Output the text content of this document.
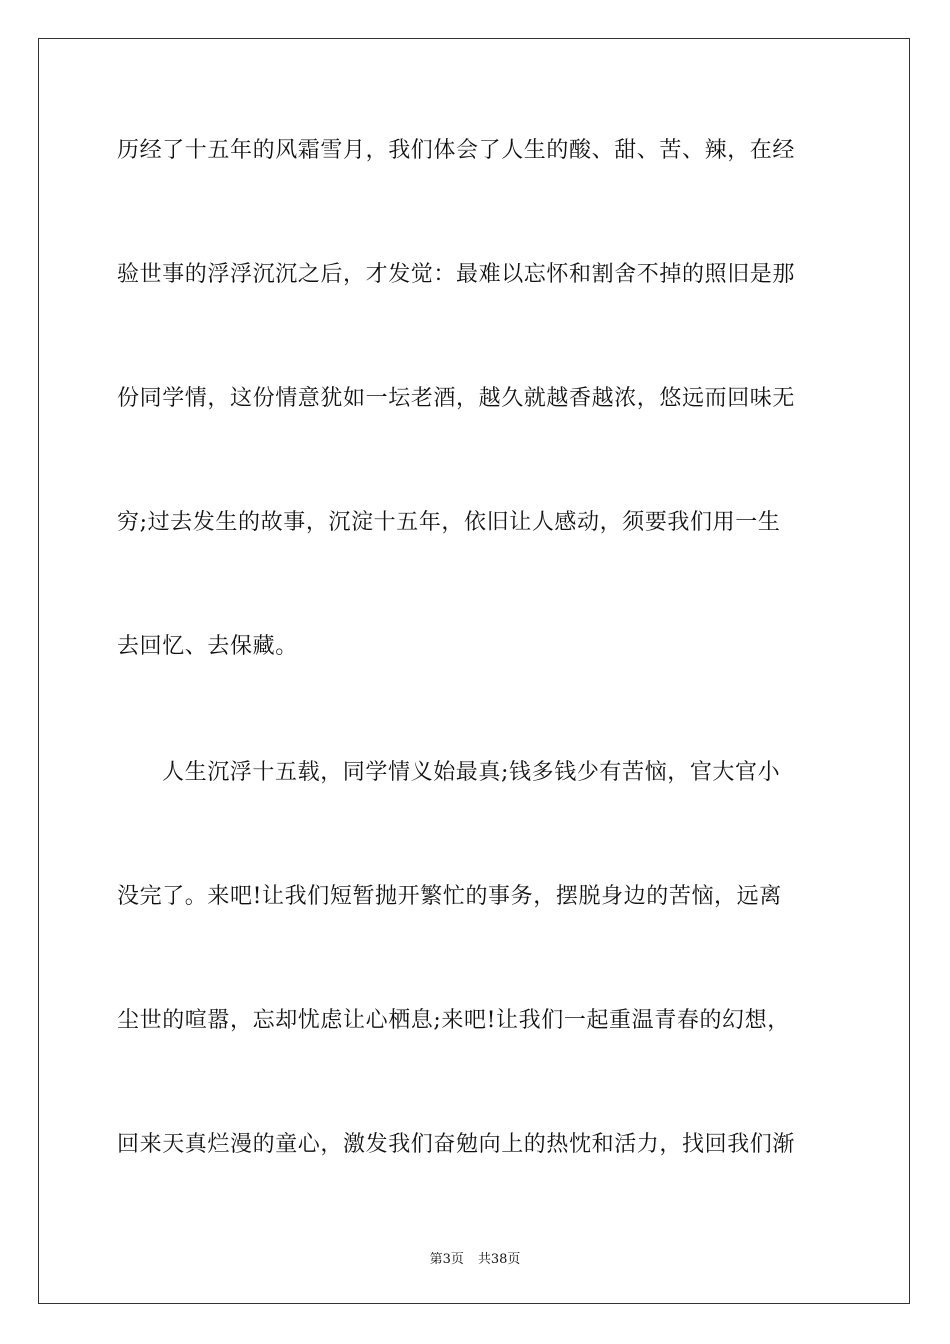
历经了十五年的风霜雪月，我们体会了人生的酸、甜、苦、辣，在经
验世事的浮浮沉沉之后，才发觉：最难以忘怀和割舍不掉的照旧是那
份同学情，这份情意犹如一坛老酒，越久就越香越浓，悠远而回味无
穷;过去发生的故事，沉淀十五年，依旧让人感动，须要我们用一生
去回忆、去保藏。
人生沉浮十五载，同学情义始最真;钱多钱少有苦恼，官大官小
没完了。来吧!让我们短暂抛开繁忙的事务，摆脱身边的苦恼，远离
尘世的喧嚣，忘却忧虑让心栖息;来吧!让我们一起重温青春的幻想，
回来天真烂漫的童心，激发我们奋勉向上的热忱和活力，找回我们渐
第3页 共38页
